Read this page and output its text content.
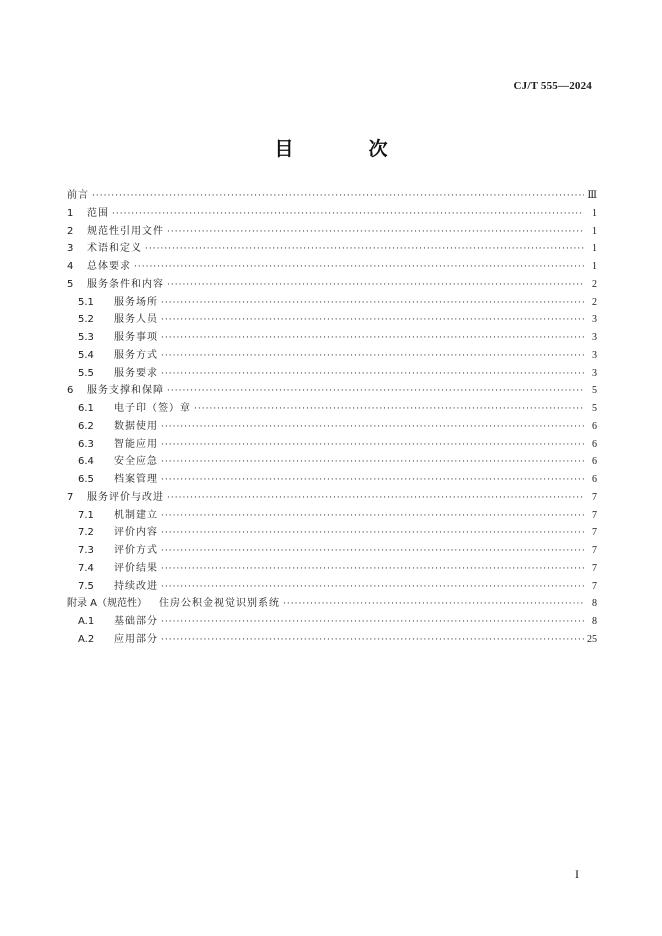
CJ/T 555—2024
目　次
前言 ·····	Ⅲ
1	范围 ·····	1
2	规范性引用文件 ·····	1
3	术语和定义 ·····	1
4	总体要求 ·····	1
5	服务条件和内容 ·····	2
5.1	服务场所 ·····	2
5.2	服务人员 ·····	3
5.3	服务事项 ·····	3
5.4	服务方式 ·····	3
5.5	服务要求 ·····	3
6	服务支撑和保障 ·····	5
6.1	电子印（签）章 ·····	5
6.2	数据使用 ·····	6
6.3	智能应用 ·····	6
6.4	安全应急 ·····	6
6.5	档案管理 ·····	6
7	服务评价与改进 ·····	7
7.1	机制建立 ·····	7
7.2	评价内容 ·····	7
7.3	评价方式 ·····	7
7.4	评价结果 ·····	7
7.5	持续改进 ·····	7
附录 A（规范性） 住房公积金视觉识别系统 ·····	8
A.1	基础部分 ·····	8
A.2	应用部分 ·····	25
I
